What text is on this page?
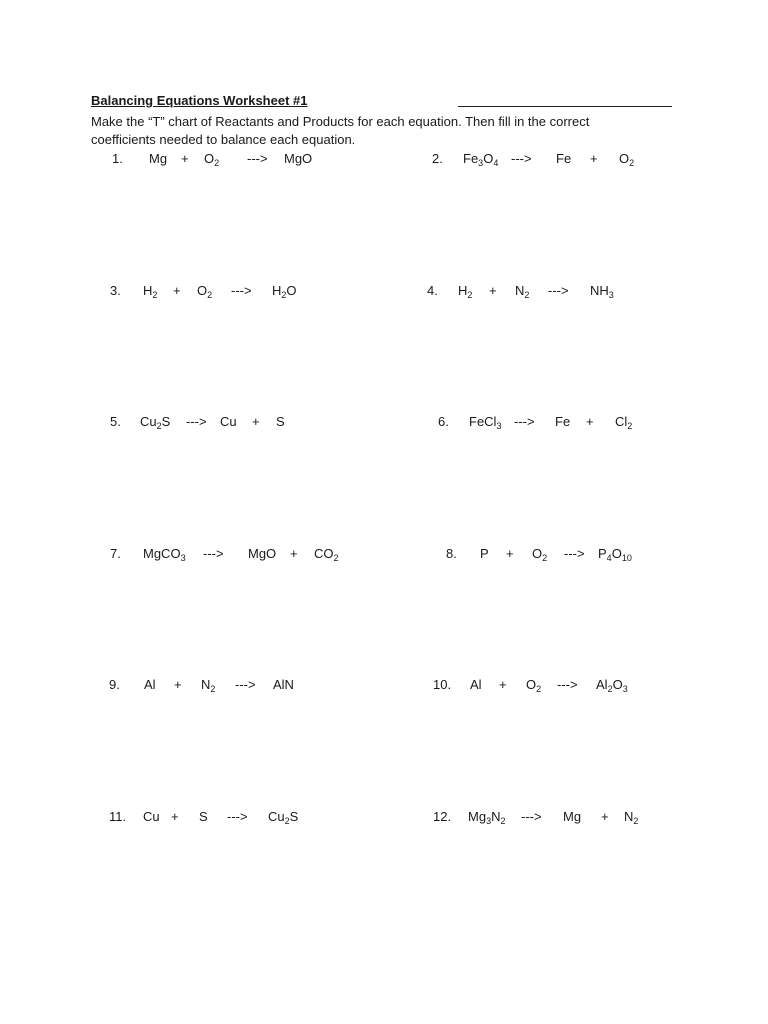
Balancing Equations Worksheet #1
Make the “T” chart of Reactants and Products for each equation. Then fill in the correct
coefficients needed to balance each equation.
1. $Mg + O_2$ ---> MgO	2. $Fe_3O_4$ ---> $Fe + O_2$
3. $H_2 + O_2$ ---> $H_2O$	4. $H_2 + N_2$ ---> $NH_3$
5. $Cu_2S$ ---> Cu + S	6. FeCl$_3$ ---> $Fe + Cl_2$
7. MgCO$_3$ ---> MgO + $CO_2$	8. $P + O_2$ ---> $P_4O_{10}$
9. $Al + N_2$ ---> AlN	10. $Al + O_2$ ---> $Al_2O_3$
11. Cu + S ---> $Cu_2S$	12. $Mg_3N_2$ ---> $Mg + N_2$
